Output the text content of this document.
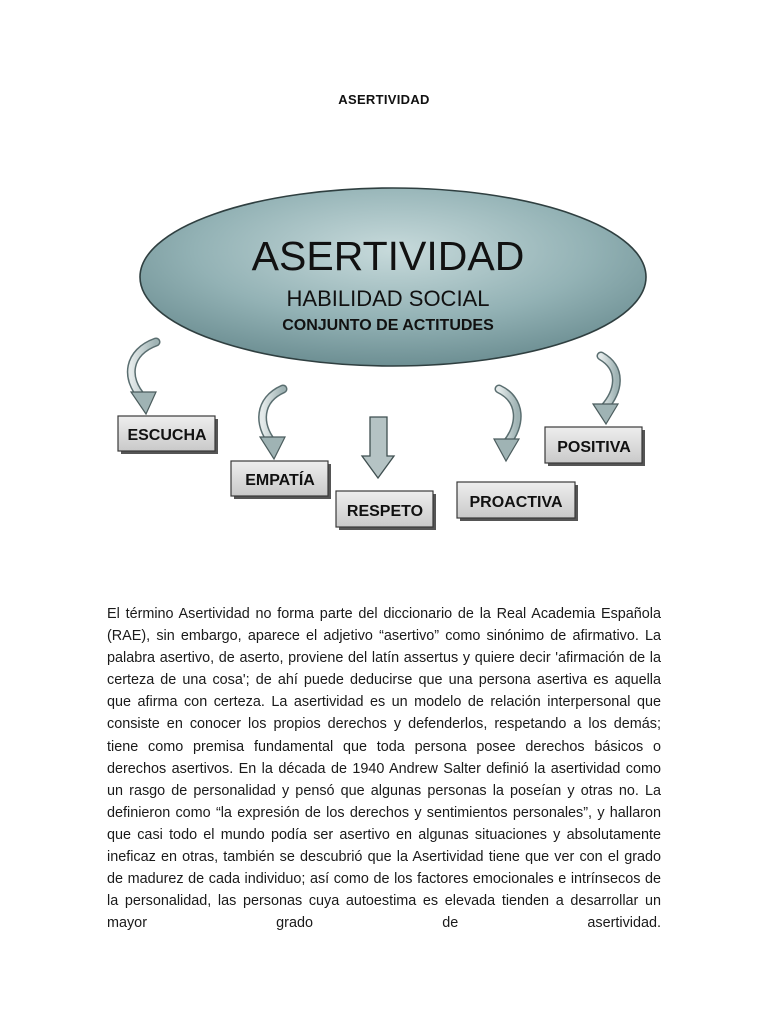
ASERTIVIDAD
ASERTIVIDAD
HABILIDAD SOCIAL
CONJUNTO DE ACTITUDES
ESCUCHA
EMPATÍA
RESPETO
PROACTIVA
POSITIVA
El término Asertividad no forma parte del diccionario de la Real Academia Española (RAE), sin embargo, aparece el adjetivo “asertivo” como sinónimo de afirmativo. La palabra asertivo, de aserto, proviene del latín assertus y quiere decir 'afirmación de la certeza de una cosa'; de ahí puede deducirse que una persona asertiva es aquella que afirma con certeza. La asertividad es un modelo de relación interpersonal que consiste en conocer los propios derechos y defenderlos, respetando a los demás; tiene como premisa fundamental que toda persona posee derechos básicos o derechos asertivos. En la década de 1940 Andrew Salter definió la asertividad como un rasgo de personalidad y pensó que algunas personas la poseían y otras no. La definieron como “la expresión de los derechos y sentimientos personales”, y hallaron que casi todo el mundo podía ser asertivo en algunas situaciones y absolutamente ineficaz en otras, también se descubrió que la Asertividad tiene que ver con el grado de madurez de cada individuo; así como de los factores emocionales e intrínsecos de la personalidad, las personas cuya autoestima es elevada tienden a desarrollar un mayor grado de asertividad.
